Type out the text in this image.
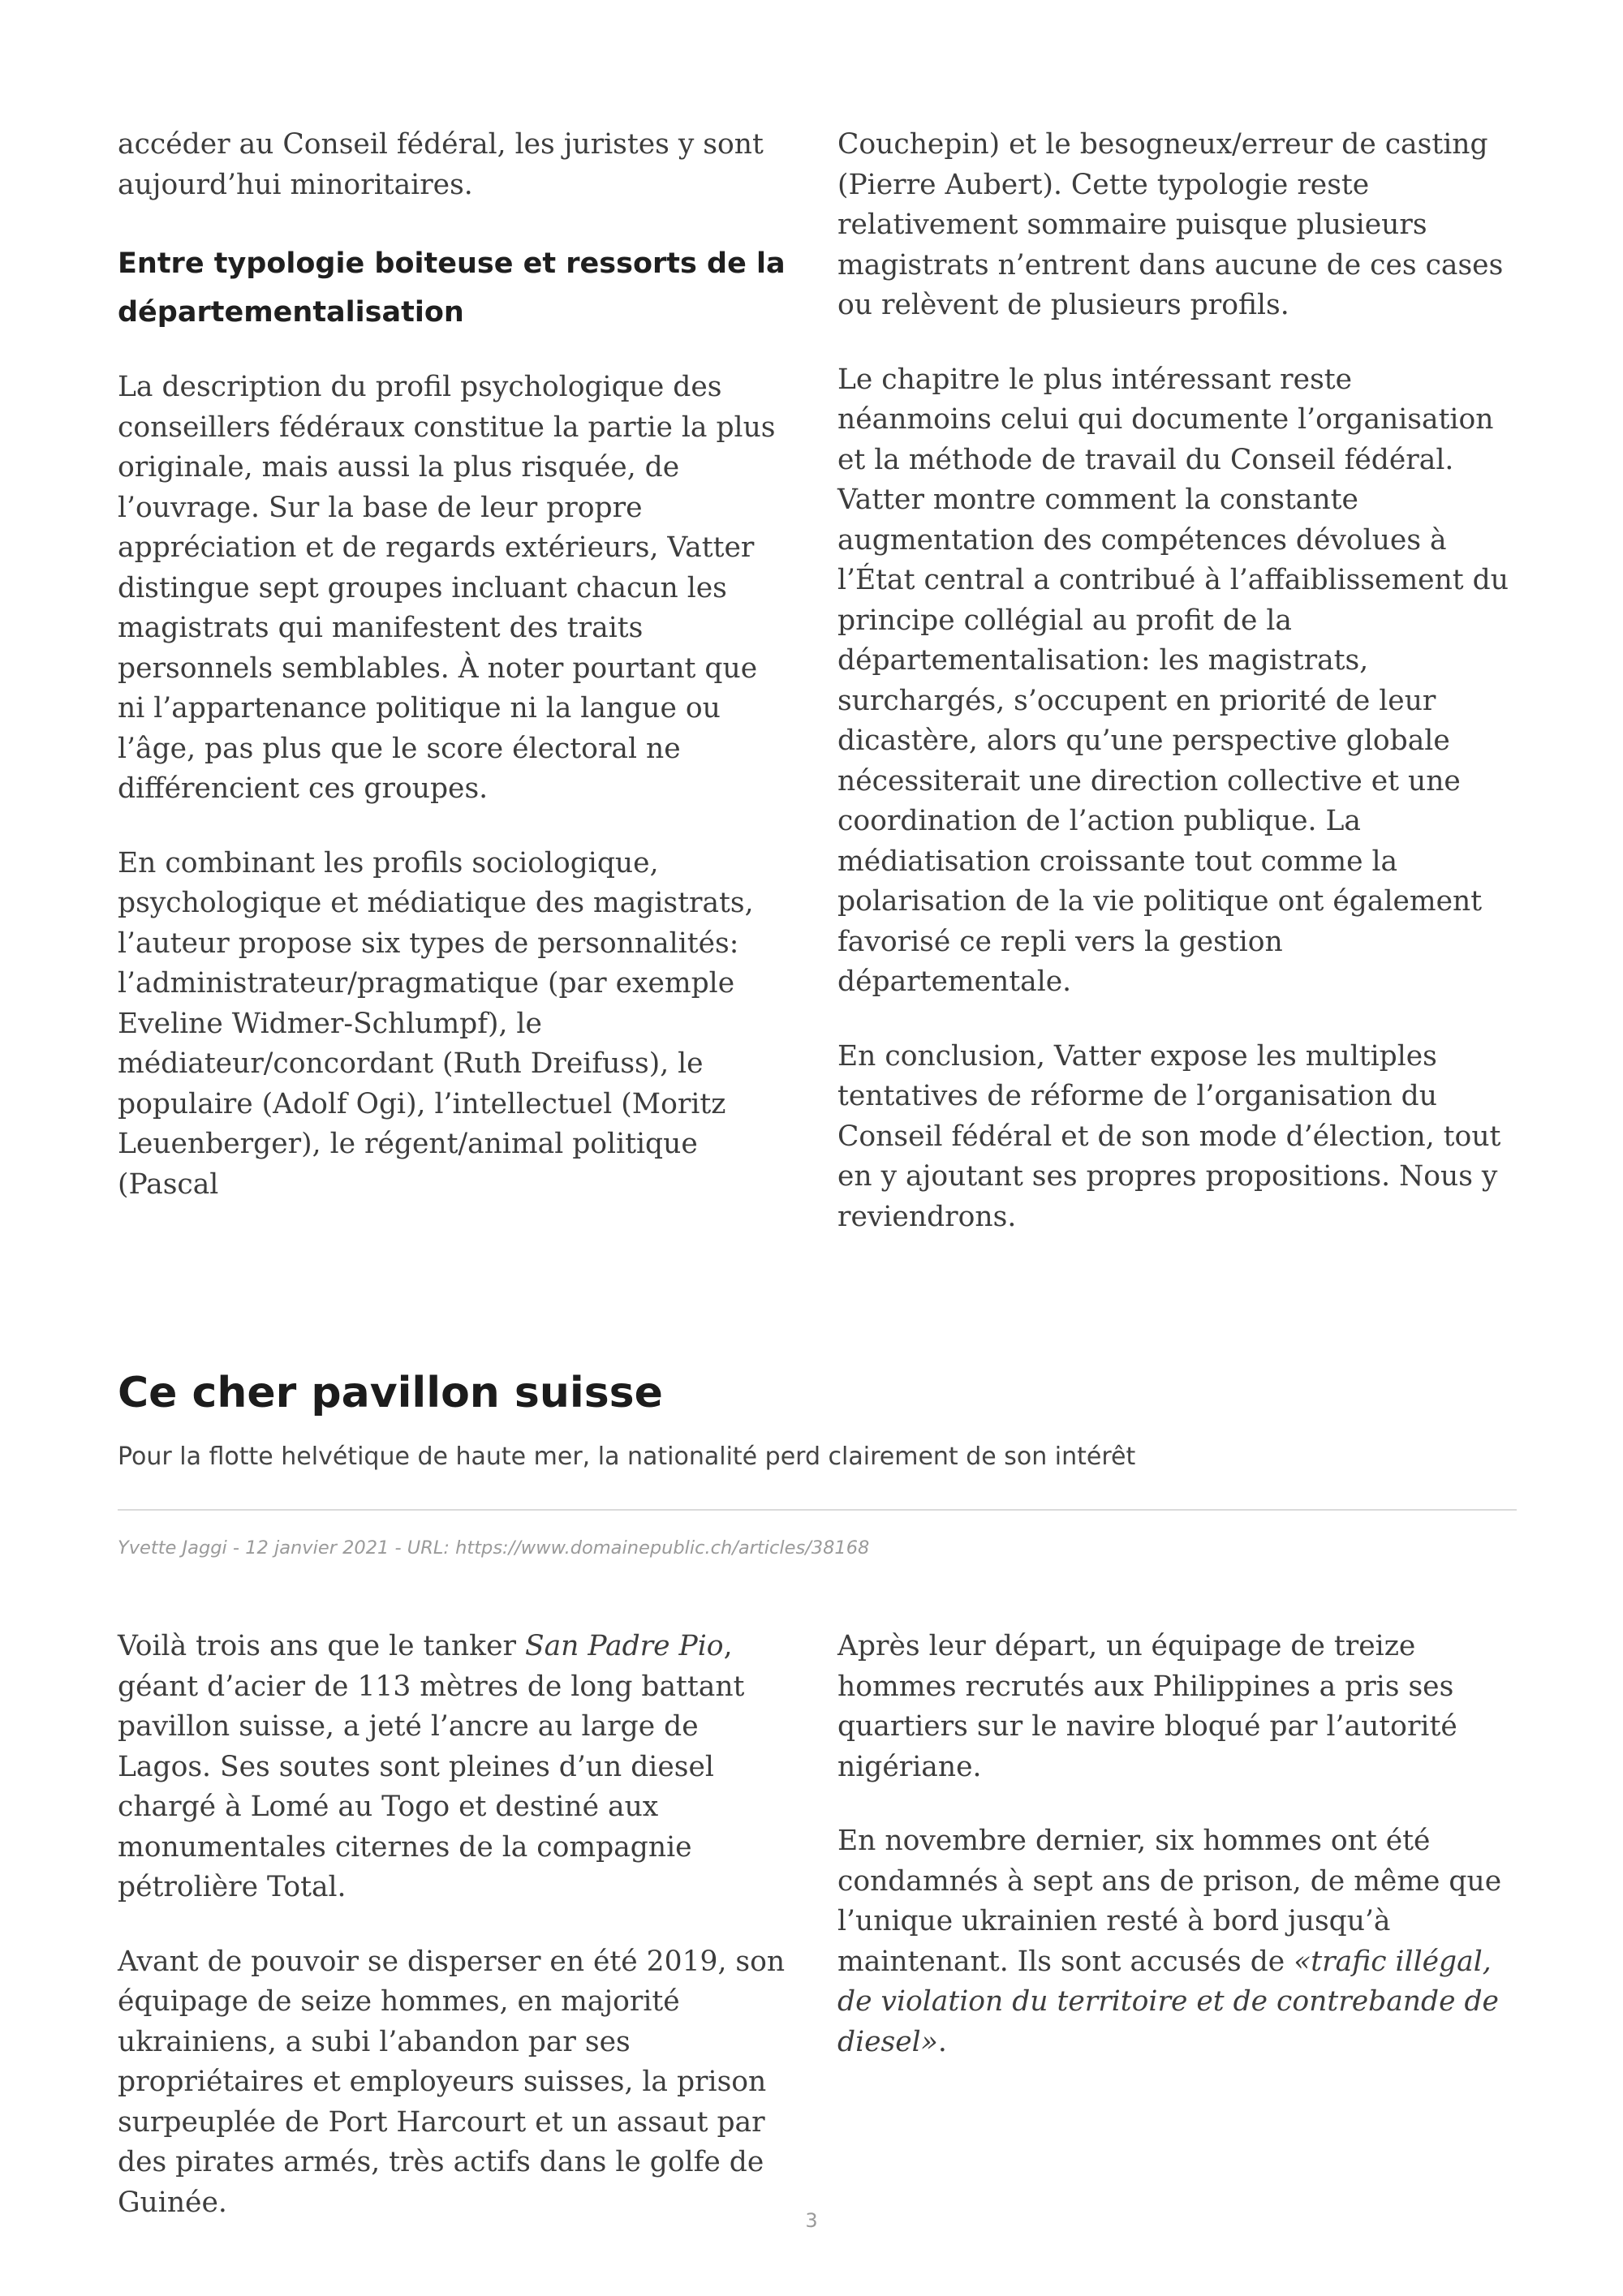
accéder au Conseil fédéral, les juristes y sont aujourd’hui minoritaires.

Entre typologie boiteuse et ressorts de la départementalisation

La description du profil psychologique des conseillers fédéraux constitue la partie la plus originale, mais aussi la plus risquée, de l’ouvrage. Sur la base de leur propre appréciation et de regards extérieurs, Vatter distingue sept groupes incluant chacun les magistrats qui manifestent des traits personnels semblables. À noter pourtant que ni l’appartenance politique ni la langue ou l’âge, pas plus que le score électoral ne différencient ces groupes.

En combinant les profils sociologique, psychologique et médiatique des magistrats, l’auteur propose six types de personnalités: l’administrateur/pragmatique (par exemple Eveline Widmer-Schlumpf), le médiateur/concordant (Ruth Dreifuss), le populaire (Adolf Ogi), l’intellectuel (Moritz Leuenberger), le régent/animal politique (Pascal

Couchepin) et le besogneux/erreur de casting (Pierre Aubert). Cette typologie reste relativement sommaire puisque plusieurs magistrats n’entrent dans aucune de ces cases ou relèvent de plusieurs profils.

Le chapitre le plus intéressant reste néanmoins celui qui documente l’organisation et la méthode de travail du Conseil fédéral. Vatter montre comment la constante augmentation des compétences dévolues à l’État central a contribué à l’affaiblissement du principe collégial au profit de la départementalisation: les magistrats, surchargés, s’occupent en priorité de leur dicastère, alors qu’une perspective globale nécessiterait une direction collective et une coordination de l’action publique. La médiatisation croissante tout comme la polarisation de la vie politique ont également favorisé ce repli vers la gestion départementale.

En conclusion, Vatter expose les multiples tentatives de réforme de l’organisation du Conseil fédéral et de son mode d’élection, tout en y ajoutant ses propres propositions. Nous y reviendrons.

Ce cher pavillon suisse
Pour la flotte helvétique de haute mer, la nationalité perd clairement de son intérêt
Yvette Jaggi - 12 janvier 2021 - URL: https://www.domainepublic.ch/articles/38168

Voilà trois ans que le tanker San Padre Pio, géant d’acier de 113 mètres de long battant pavillon suisse, a jeté l’ancre au large de Lagos. Ses soutes sont pleines d’un diesel chargé à Lomé au Togo et destiné aux monumentales citernes de la compagnie pétrolière Total.

Avant de pouvoir se disperser en été 2019, son équipage de seize hommes, en majorité ukrainiens, a subi l’abandon par ses propriétaires et employeurs suisses, la prison surpeuplée de Port Harcourt et un assaut par des pirates armés, très actifs dans le golfe de Guinée.

Après leur départ, un équipage de treize hommes recrutés aux Philippines a pris ses quartiers sur le navire bloqué par l’autorité nigériane.

En novembre dernier, six hommes ont été condamnés à sept ans de prison, de même que l’unique ukrainien resté à bord jusqu’à maintenant. Ils sont accusés de «trafic illégal, de violation du territoire et de contrebande de diesel».

3
